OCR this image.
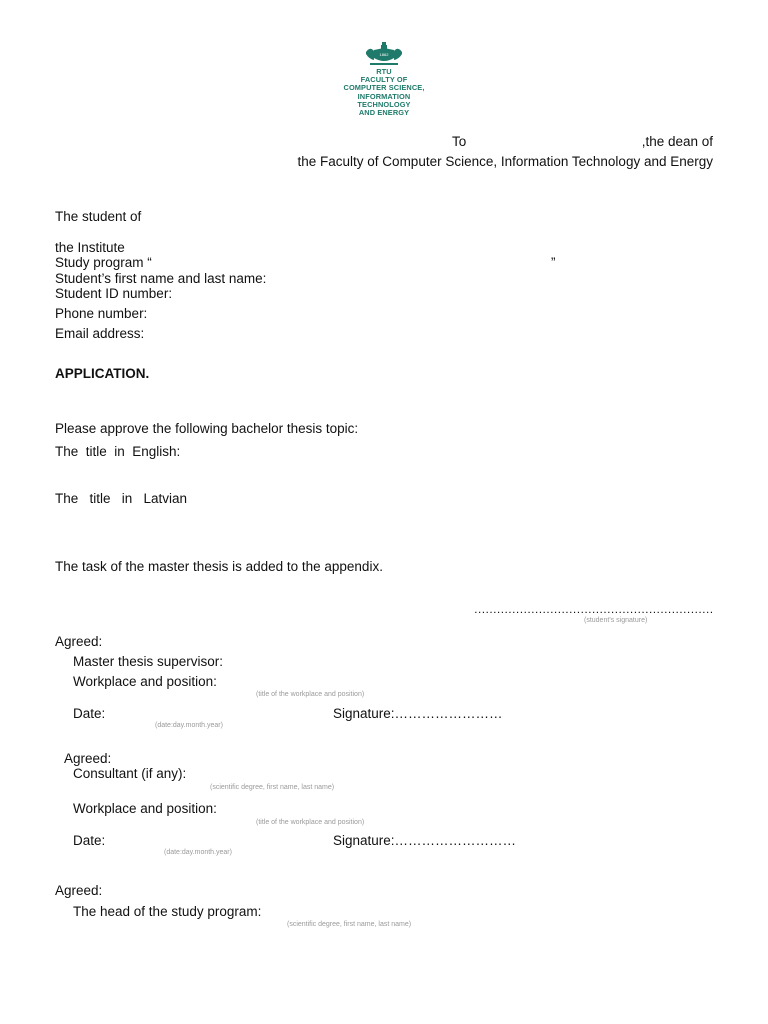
1862
RTU
FACULTY OF
COMPUTER SCIENCE,
INFORMATION
TECHNOLOGY
AND ENERGY
To	,the dean of
the Faculty of Computer Science, Information Technology and Energy
The student of
the Institute
Study program “	”
Student’s first name and last name:
Student ID number:
Phone number:
Email address:
APPLICATION.
Please approve the following bachelor thesis topic:
The  title  in  English:
The   title   in   Latvian
The task of the master thesis is added to the appendix.
………………………………………………………
(student’s signature)
Agreed:
Master thesis supervisor:
Workplace and position:
(title of the workplace and position)
Date:	Signature:……………………
(date:day.month.year)
Agreed:
Consultant (if any):
(scientific degree, first name, last name)
Workplace and position:
(title of the workplace and position)
Date:	Signature:………………………
(date:day.month.year)
Agreed:
The head of the study program:
(scientific degree, first name, last name)
